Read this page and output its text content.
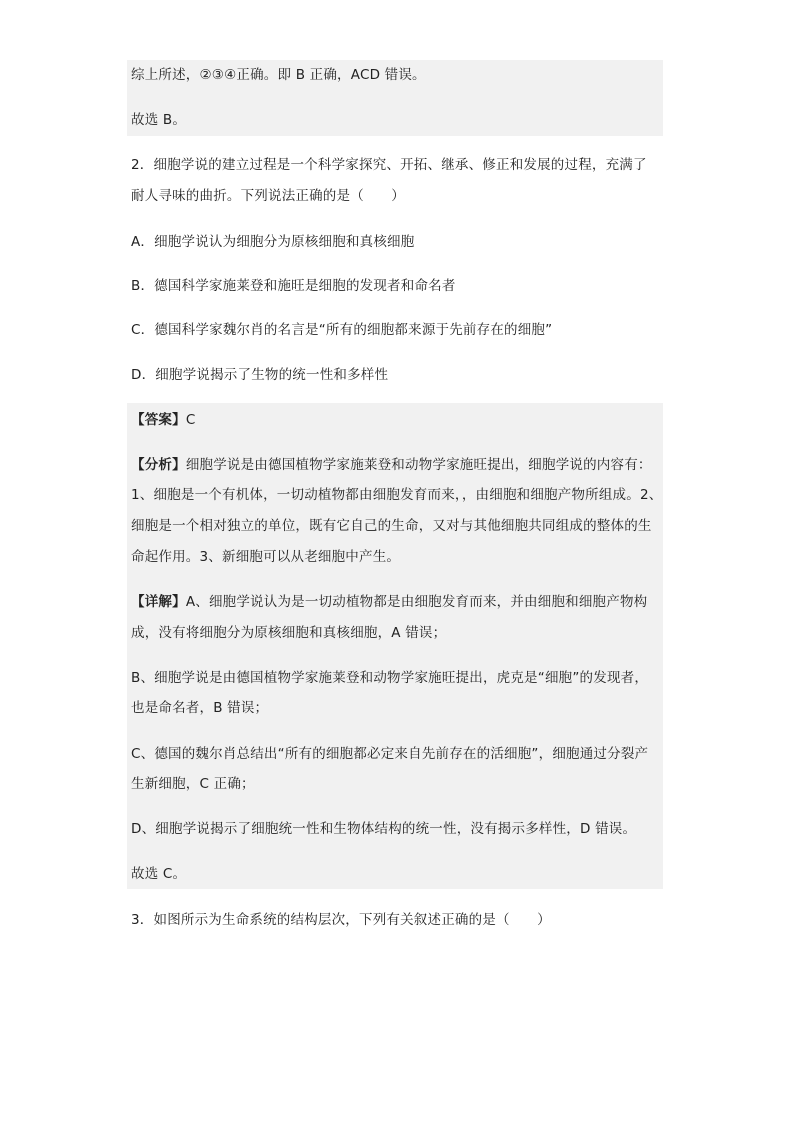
综上所述，②③④正确。即 B 正确，ACD 错误。
故选 B。
2．细胞学说的建立过程是一个科学家探究、开拓、继承、修正和发展的过程，充满了
耐人寻味的曲折。下列说法正确的是（　　）
A．细胞学说认为细胞分为原核细胞和真核细胞
B．德国科学家施莱登和施旺是细胞的发现者和命名者
C．德国科学家魏尔肖的名言是“所有的细胞都来源于先前存在的细胞”
D．细胞学说揭示了生物的统一性和多样性
【答案】C
【分析】细胞学说是由德国植物学家施莱登和动物学家施旺提出，细胞学说的内容有：
1、细胞是一个有机体，一切动植物都由细胞发育而来，，由细胞和细胞产物所组成。2、
细胞是一个相对独立的单位，既有它自己的生命，又对与其他细胞共同组成的整体的生
命起作用。3、新细胞可以从老细胞中产生。
【详解】A、细胞学说认为是一切动植物都是由细胞发育而来，并由细胞和细胞产物构
成，没有将细胞分为原核细胞和真核细胞，A 错误；
B、细胞学说是由德国植物学家施莱登和动物学家施旺提出，虎克是“细胞”的发现者，
也是命名者，B 错误；
C、德国的魏尔肖总结出“所有的细胞都必定来自先前存在的活细胞”，细胞通过分裂产
生新细胞，C 正确；
D、细胞学说揭示了细胞统一性和生物体结构的统一性，没有揭示多样性，D 错误。
故选 C。
3．如图所示为生命系统的结构层次，下列有关叙述正确的是（　　）
